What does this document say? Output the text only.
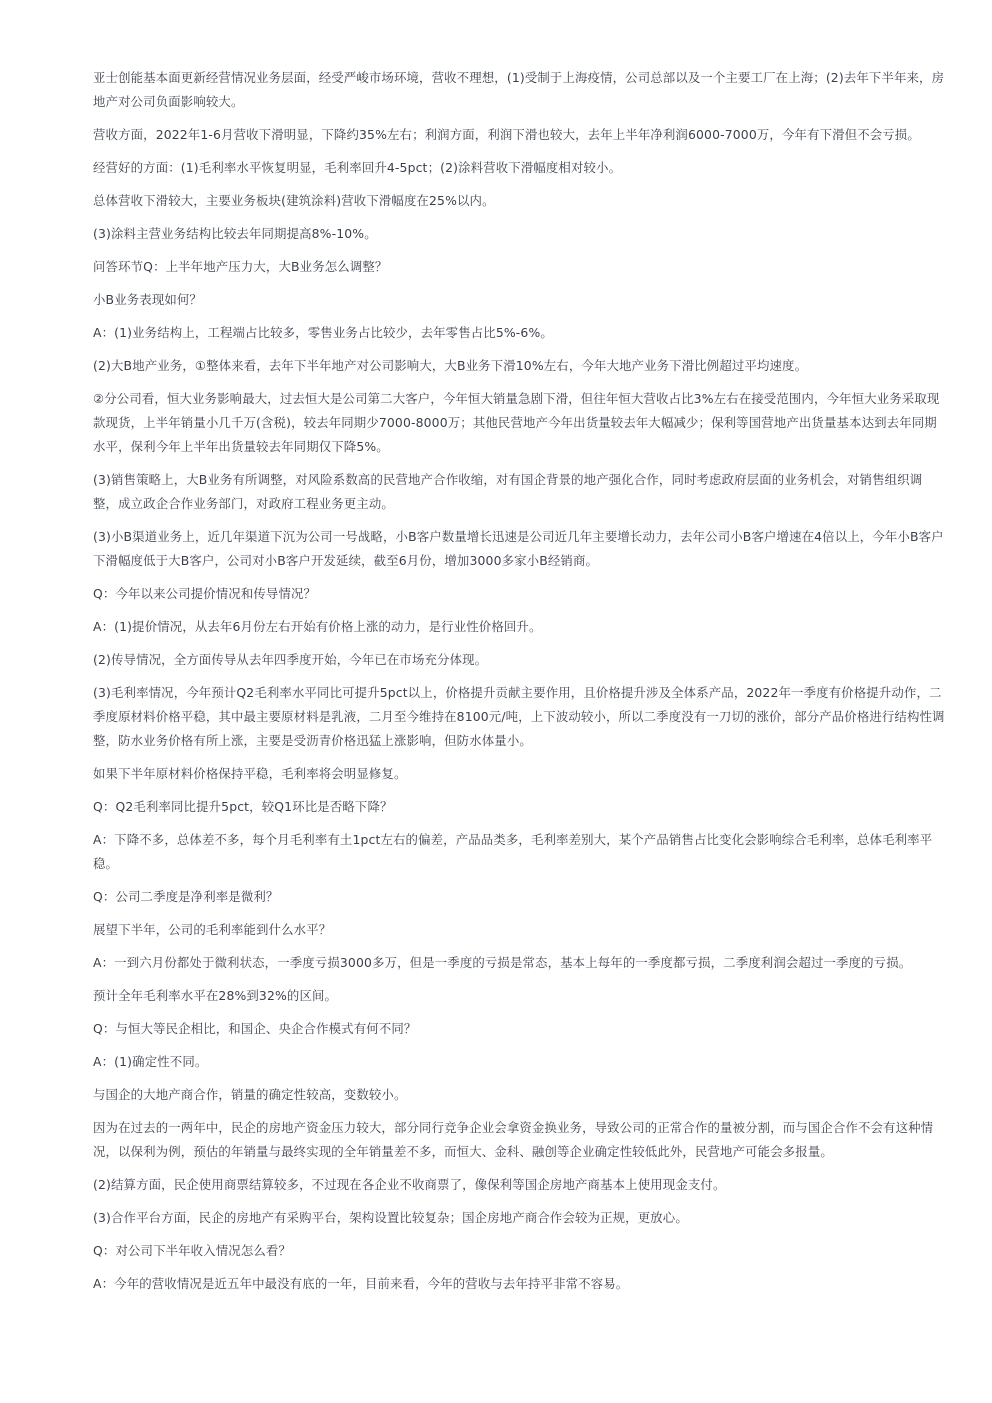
亚士创能基本面更新经营情况业务层面，经受严峻市场环境，营收不理想，(1)受制于上海疫情，公司总部以及一个主要工厂在上海；(2)去年下半年来，房地产对公司负面影响较大。

营收方面，2022年1-6月营收下滑明显，下降约35%左右；利润方面，利润下滑也较大，去年上半年净利润6000-7000万，今年有下滑但不会亏损。

经营好的方面：(1)毛利率水平恢复明显，毛利率回升4-5pct；(2)涂料营收下滑幅度相对较小。

总体营收下滑较大，主要业务板块(建筑涂料)营收下滑幅度在25%以内。

(3)涂料主营业务结构比较去年同期提高8%-10%。

问答环节Q：上半年地产压力大，大B业务怎么调整？

小B业务表现如何？

A：(1)业务结构上，工程端占比较多，零售业务占比较少，去年零售占比5%-6%。

(2)大B地产业务，①整体来看，去年下半年地产对公司影响大，大B业务下滑10%左右，今年大地产业务下滑比例超过平均速度。

②分公司看，恒大业务影响最大，过去恒大是公司第二大客户，今年恒大销量急剧下滑，但往年恒大营收占比3%左右在接受范围内，今年恒大业务采取现款现货，上半年销量小几千万(含税)，较去年同期少7000-8000万；其他民营地产今年出货量较去年大幅减少；保利等国营地产出货量基本达到去年同期水平，保利今年上半年出货量较去年同期仅下降5%。

(3)销售策略上，大B业务有所调整，对风险系数高的民营地产合作收缩，对有国企背景的地产强化合作，同时考虑政府层面的业务机会，对销售组织调整，成立政企合作业务部门，对政府工程业务更主动。

(3)小B渠道业务上，近几年渠道下沉为公司一号战略，小B客户数量增长迅速是公司近几年主要增长动力，去年公司小B客户增速在4倍以上，今年小B客户下滑幅度低于大B客户，公司对小B客户开发延续，截至6月份，增加3000多家小B经销商。

Q：今年以来公司提价情况和传导情况？

A：(1)提价情况，从去年6月份左右开始有价格上涨的动力，是行业性价格回升。

(2)传导情况，全方面传导从去年四季度开始，今年已在市场充分体现。

(3)毛利率情况，今年预计Q2毛利率水平同比可提升5pct以上，价格提升贡献主要作用，且价格提升涉及全体系产品，2022年一季度有价格提升动作，二季度原材料价格平稳，其中最主要原材料是乳液，二月至今维持在8100元/吨，上下波动较小，所以二季度没有一刀切的涨价，部分产品价格进行结构性调整，防水业务价格有所上涨，主要是受沥青价格迅猛上涨影响，但防水体量小。

如果下半年原材料价格保持平稳，毛利率将会明显修复。

Q：Q2毛利率同比提升5pct，较Q1环比是否略下降？

A：下降不多，总体差不多，每个月毛利率有土1pct左右的偏差，产品品类多，毛利率差别大，某个产品销售占比变化会影响综合毛利率，总体毛利率平稳。

Q：公司二季度是净利率是微利？

展望下半年，公司的毛利率能到什么水平？

A：一到六月份都处于微利状态，一季度亏损3000多万，但是一季度的亏损是常态，基本上每年的一季度都亏损，二季度利润会超过一季度的亏损。

预计全年毛利率水平在28%到32%的区间。

Q：与恒大等民企相比，和国企、央企合作模式有何不同？

A：(1)确定性不同。

与国企的大地产商合作，销量的确定性较高，变数较小。

因为在过去的一两年中，民企的房地产资金压力较大，部分同行竞争企业会拿资金换业务，导致公司的正常合作的量被分割，而与国企合作不会有这种情况，以保利为例，预估的年销量与最终实现的全年销量差不多，而恒大、金科、融创等企业确定性较低此外，民营地产可能会多报量。

(2)结算方面，民企使用商票结算较多，不过现在各企业不收商票了，像保利等国企房地产商基本上使用现金支付。

(3)合作平台方面，民企的房地产有采购平台，架构设置比较复杂；国企房地产商合作会较为正规，更放心。

Q：对公司下半年收入情况怎么看？

A：今年的营收情况是近五年中最没有底的一年，目前来看，今年的营收与去年持平非常不容易。
